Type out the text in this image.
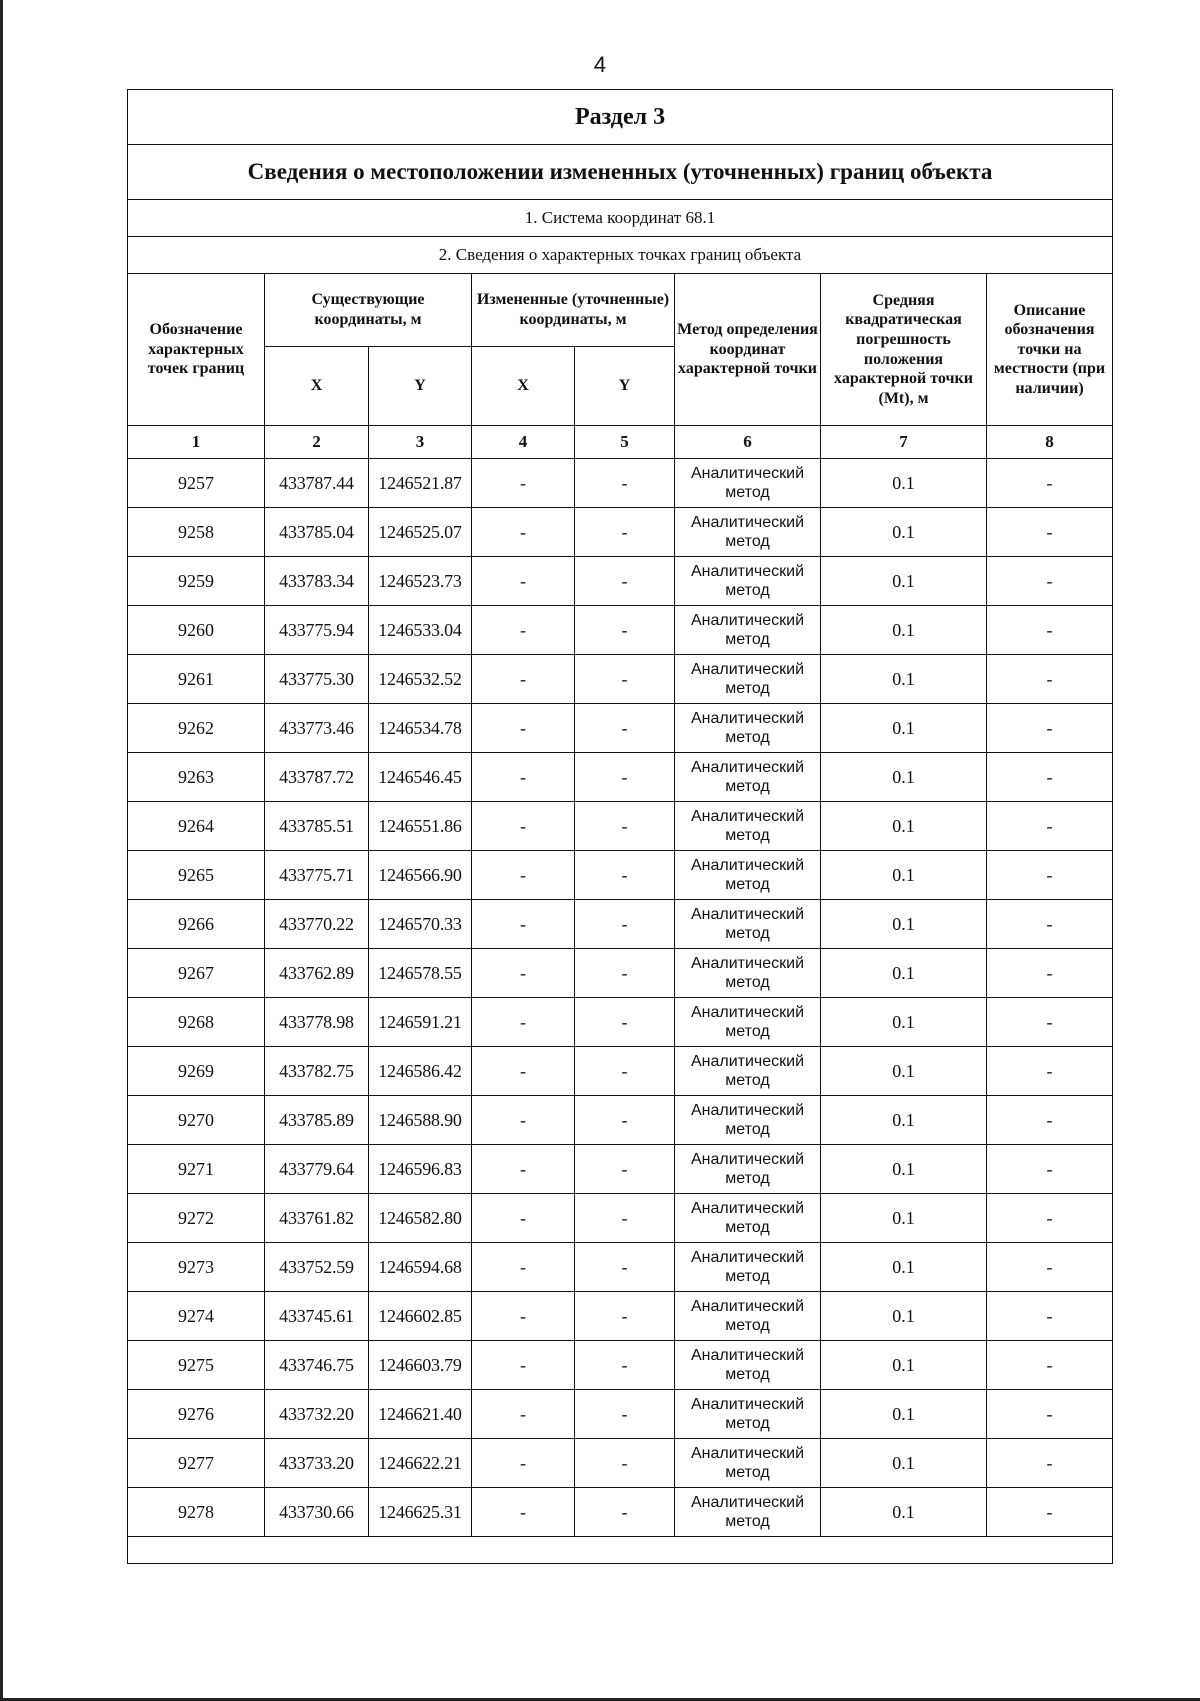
4
Раздел 3							
Сведения о местоположении измененных (уточненных) границ объекта							
1. Система координат 68.1							
2. Сведения о характерных точках границ объекта							
Обозначение характерных точек границ	Существующие координаты, м		Измененные (уточненные) координаты, м		Метод определения координат характерной точки	Средняя квадратическая погрешность положения характерной точки (Mt), м	Описание обозначения точки на местности (при наличии)
	X	Y	X	Y			
1	2	3	4	5	6	7	8
9257	433787.44	1246521.87	-	-	Аналитический метод	0.1	-
9258	433785.04	1246525.07	-	-	Аналитический метод	0.1	-
9259	433783.34	1246523.73	-	-	Аналитический метод	0.1	-
9260	433775.94	1246533.04	-	-	Аналитический метод	0.1	-
9261	433775.30	1246532.52	-	-	Аналитический метод	0.1	-
9262	433773.46	1246534.78	-	-	Аналитический метод	0.1	-
9263	433787.72	1246546.45	-	-	Аналитический метод	0.1	-
9264	433785.51	1246551.86	-	-	Аналитический метод	0.1	-
9265	433775.71	1246566.90	-	-	Аналитический метод	0.1	-
9266	433770.22	1246570.33	-	-	Аналитический метод	0.1	-
9267	433762.89	1246578.55	-	-	Аналитический метод	0.1	-
9268	433778.98	1246591.21	-	-	Аналитический метод	0.1	-
9269	433782.75	1246586.42	-	-	Аналитический метод	0.1	-
9270	433785.89	1246588.90	-	-	Аналитический метод	0.1	-
9271	433779.64	1246596.83	-	-	Аналитический метод	0.1	-
9272	433761.82	1246582.80	-	-	Аналитический метод	0.1	-
9273	433752.59	1246594.68	-	-	Аналитический метод	0.1	-
9274	433745.61	1246602.85	-	-	Аналитический метод	0.1	-
9275	433746.75	1246603.79	-	-	Аналитический метод	0.1	-
9276	433732.20	1246621.40	-	-	Аналитический метод	0.1	-
9277	433733.20	1246622.21	-	-	Аналитический метод	0.1	-
9278	433730.66	1246625.31	-	-	Аналитический метод	0.1	-
